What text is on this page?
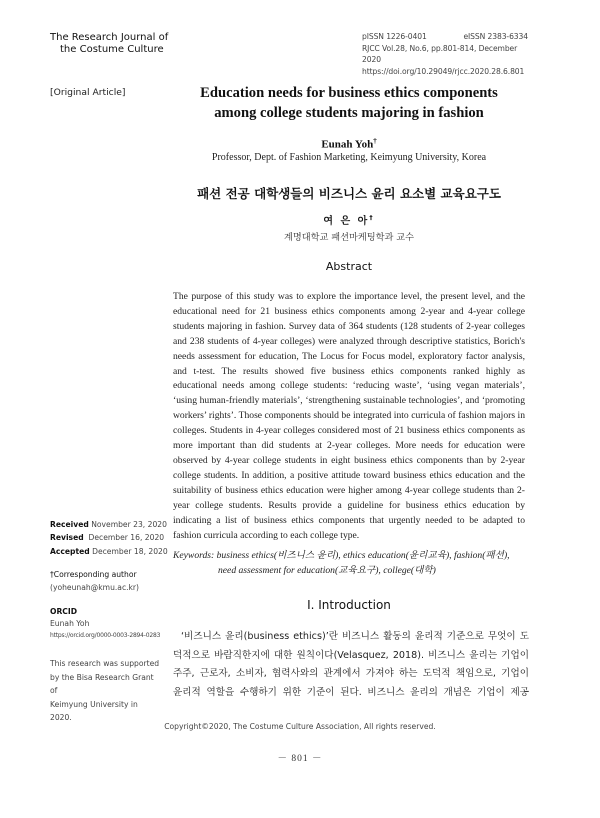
The Research Journal of
the Costume Culture
pISSN 1226-0401	eISSN 2383-6334
RJCC Vol.28, No.6, pp.801-814, December 2020
https://doi.org/10.29049/rjcc.2020.28.6.801
[Original Article]	Education needs for business ethics components
among college students majoring in fashion
Eunah Yoh†
Professor, Dept. of Fashion Marketing, Keimyung University, Korea
패션 전공 대학생들의 비즈니스 윤리 요소별 교육요구도
여 은 아†
계명대학교 패션마케팅학과 교수
Abstract
The purpose of this study was to explore the importance level, the present level, and the educational need for 21 business ethics components among 2-year and 4-year college students majoring in fashion. Survey data of 364 students (128 students of 2-year colleges and 238 students of 4-year colleges) were analyzed through descriptive statistics, Borich's needs assessment for education, The Locus for Focus model, exploratory factor analysis, and t-test. The results showed five business ethics components ranked highly as educational needs among college students: ‘reducing waste’, ‘using vegan materials’, ‘using human-friendly materials’, ‘strengthening sustainable technologies’, and ‘promoting workers’ rights’. Those components should be integrated into curricula of fashion majors in colleges. Students in 4-year colleges considered most of 21 business ethics components as more important than did students at 2-year colleges. More needs for education were observed by 4-year college students in eight business ethics components than by 2-year college students. In addition, a positive attitude toward business ethics education and the suitability of business ethics education were higher among 4-year college students than 2-year college students. Results provide a guideline for business ethics education by indicating a list of business ethics components that urgently needed to be adapted to fashion curricula according to each college type.
Keywords: business ethics(비즈니스 윤리), ethics education(윤리교육), fashion(패션),
need assessment for education(교육요구), college(대학)
Received November 23, 2020
Revised December 16, 2020
Accepted December 18, 2020
†Corresponding author
(yoheunah@kmu.ac.kr)
ORCID
Eunah Yoh
https://orcid.org/0000-0003-2894-0283
This research was supported
by the Bisa Research Grant of
Keimyung University in 2020.
I. Introduction
‘비즈니스 윤리(business ethics)’란 비즈니스 활동의 윤리적 기준으로 무엇이 도
덕적으로 바람직한지에 대한 원칙이다(Velasquez, 2018). 비즈니스 윤리는 기업이
주주, 근로자, 소비자, 협력사와의 관계에서 가져야 하는 도덕적 책임으로, 기업이
윤리적 역할을 수행하기 위한 기준이 된다. 비즈니스 윤리의 개념은 기업이 제공
Copyright©2020, The Costume Culture Association, All rights reserved.
－ 801 －
